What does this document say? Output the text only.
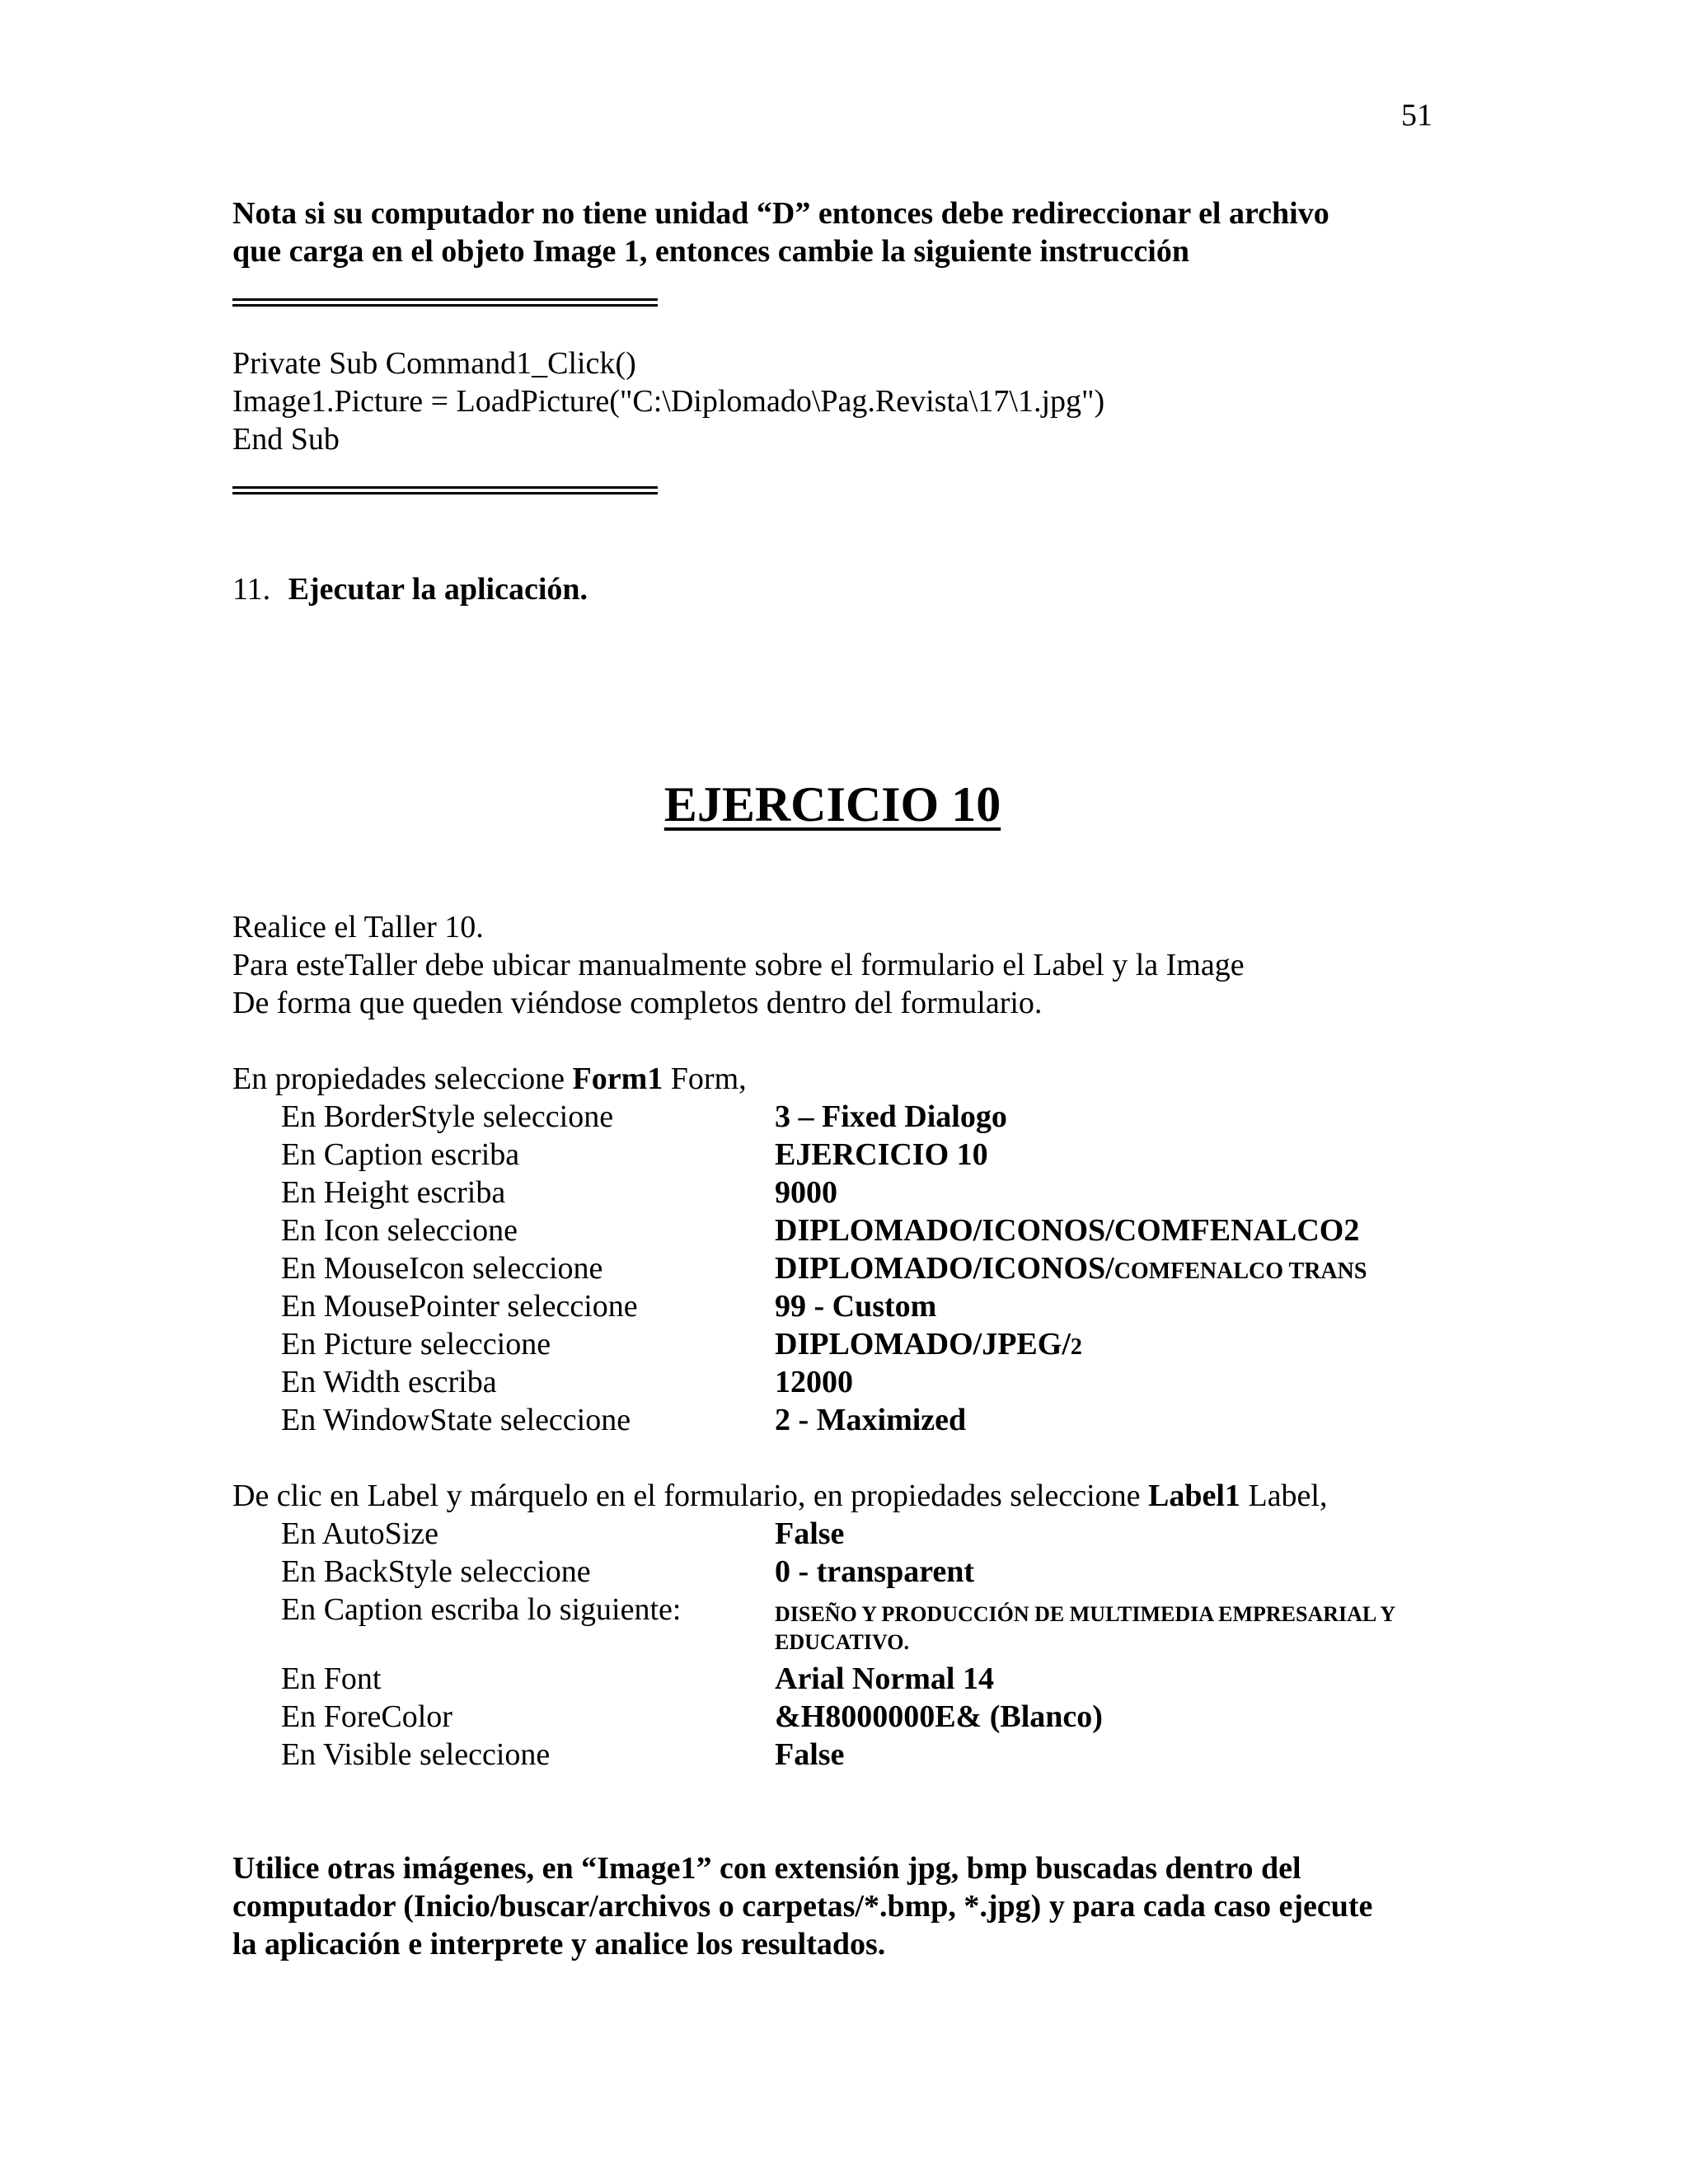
51
Nota si su computador no tiene unidad “D” entonces debe redireccionar el archivo
que carga en el objeto Image 1, entonces cambie la siguiente instrucción
Private Sub Command1_Click()
Image1.Picture = LoadPicture("C:\Diplomado\Pag.Revista\17\1.jpg")
End Sub
11. Ejecutar la aplicación.
EJERCICIO 10
Realice el Taller 10.
Para esteTaller debe ubicar manualmente sobre el formulario el Label y la Image
De forma que queden viéndose completos dentro del formulario.
En propiedades seleccione Form1 Form,
En BorderStyle seleccione	3 – Fixed Dialogo
En Caption escriba	EJERCICIO 10
En Height escriba	9000
En Icon seleccione	DIPLOMADO/ICONOS/COMFENALCO2
En MouseIcon seleccione	DIPLOMADO/ICONOS/COMFENALCO TRANS
En MousePointer seleccione	99 - Custom
En Picture seleccione	DIPLOMADO/JPEG/2
En Width escriba	12000
En WindowState seleccione	2 - Maximized
De clic en Label y márquelo en el formulario, en propiedades seleccione Label1 Label,
En AutoSize	False
En BackStyle seleccione	0 - transparent
En Caption escriba lo siguiente:	DISEÑO Y PRODUCCIÓN DE MULTIMEDIA EMPRESARIAL Y
EDUCATIVO.
En Font	Arial Normal 14
En ForeColor	&H8000000E& (Blanco)
En Visible seleccione	False
Utilice otras imágenes, en “Image1” con extensión jpg, bmp buscadas dentro del
computador (Inicio/buscar/archivos o carpetas/*.bmp, *.jpg) y para cada caso ejecute
la aplicación e interprete y analice los resultados.
